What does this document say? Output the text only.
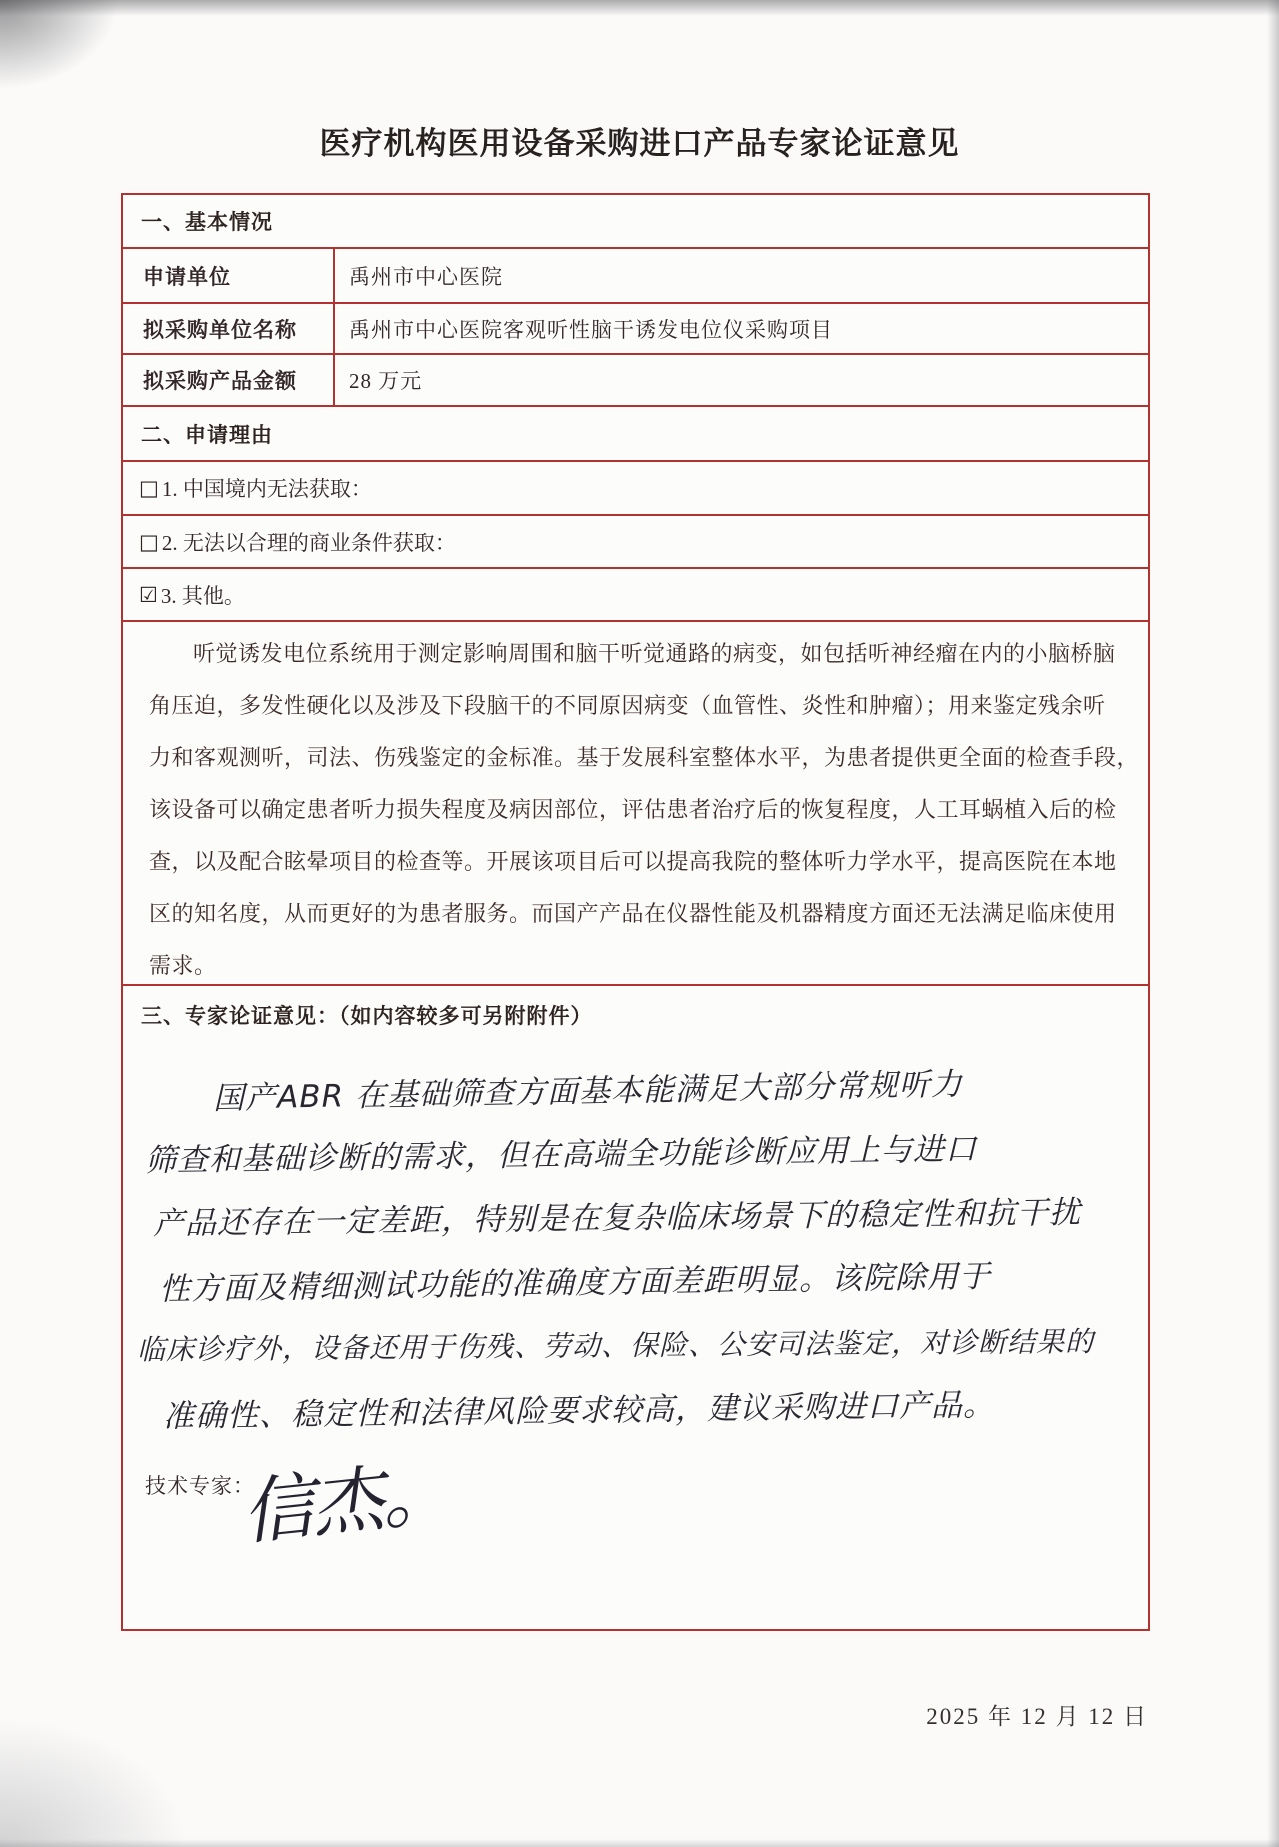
医疗机构医用设备采购进口产品专家论证意见
一、基本情况
申请单位	禹州市中心医院
拟采购单位名称	禹州市中心医院客观听性脑干诱发电位仪采购项目
拟采购产品金额	28 万元
二、申请理由
□ 1. 中国境内无法获取：
□ 2. 无法以合理的商业条件获取：
☑ 3. 其他。
听觉诱发电位系统用于测定影响周围和脑干听觉通路的病变，如包括听神经瘤在内的小脑桥脑
角压迫，多发性硬化以及涉及下段脑干的不同原因病变（血管性、炎性和肿瘤）；用来鉴定残余听
力和客观测听，司法、伤残鉴定的金标准。基于发展科室整体水平，为患者提供更全面的检查手段，
该设备可以确定患者听力损失程度及病因部位，评估患者治疗后的恢复程度，人工耳蜗植入后的检
查，以及配合眩晕项目的检查等。开展该项目后可以提高我院的整体听力学水平，提高医院在本地
区的知名度，从而更好的为患者服务。而国产产品在仪器性能及机器精度方面还无法满足临床使用
需求。
三、专家论证意见：（如内容较多可另附附件）
国产ABR 在基础筛查方面基本能满足大部分常规听力
筛查和基础诊断的需求，但在高端全功能诊断应用上与进口
产品还存在一定差距，特别是在复杂临床场景下的稳定性和抗干扰
性方面及精细测试功能的准确度方面差距明显。该院除用于
临床诊疗外，设备还用于伤残、劳动、保险、公安司法鉴定，对诊断结果的
准确性、稳定性和法律风险要求较高，建议采购进口产品。
技术专家：
信杰。
2025 年 12 月 12 日
